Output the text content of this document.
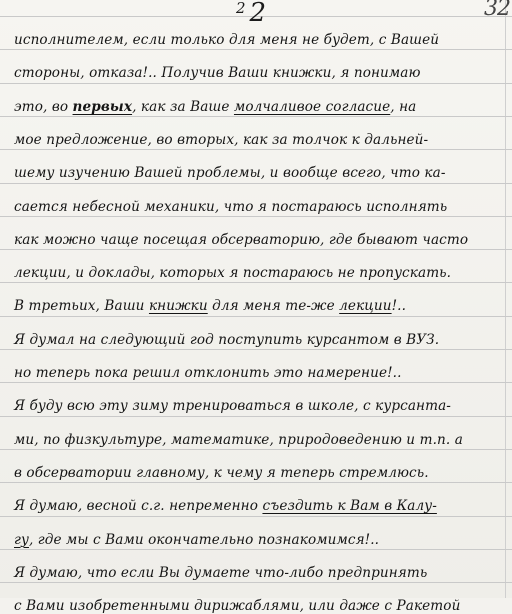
$^2$2	32
исполнителем, если только для меня не будет, с Вашей
стороны, отказа!.. Получив Ваши книжки, я понимаю
это, во первых, как за Ваше молчаливое согласие, на
мое предложение, во вторых, как за толчок к дальней-
шему изучению Вашей проблемы, и вообще всего, что ка-
сается небесной механики, что я постараюсь исполнять
как можно чаще посещая обсерваторию, где бывают часто
лекции, и доклады, которых я постараюсь не пропускать.
В третьих, Ваши книжки для меня те-же лекции!..
Я думал на следующий год поступить курсантом в ВУЗ.
но теперь пока решил отклонить это намерение!..
Я буду всю эту зиму тренироваться в школе, с курсанта-
ми, по физкультуре, математике, природоведению и т.п. а
в обсерватории главному, к чему я теперь стремлюсь.
Я думаю, весной с.г. непременно съездить к Вам в Калу-
гу, где мы с Вами окончательно познакомимся!..
Я думаю, что если Вы думаете что-либо предпринять
с Вами изобретенными дирижаблями, или даже с Ракетой
